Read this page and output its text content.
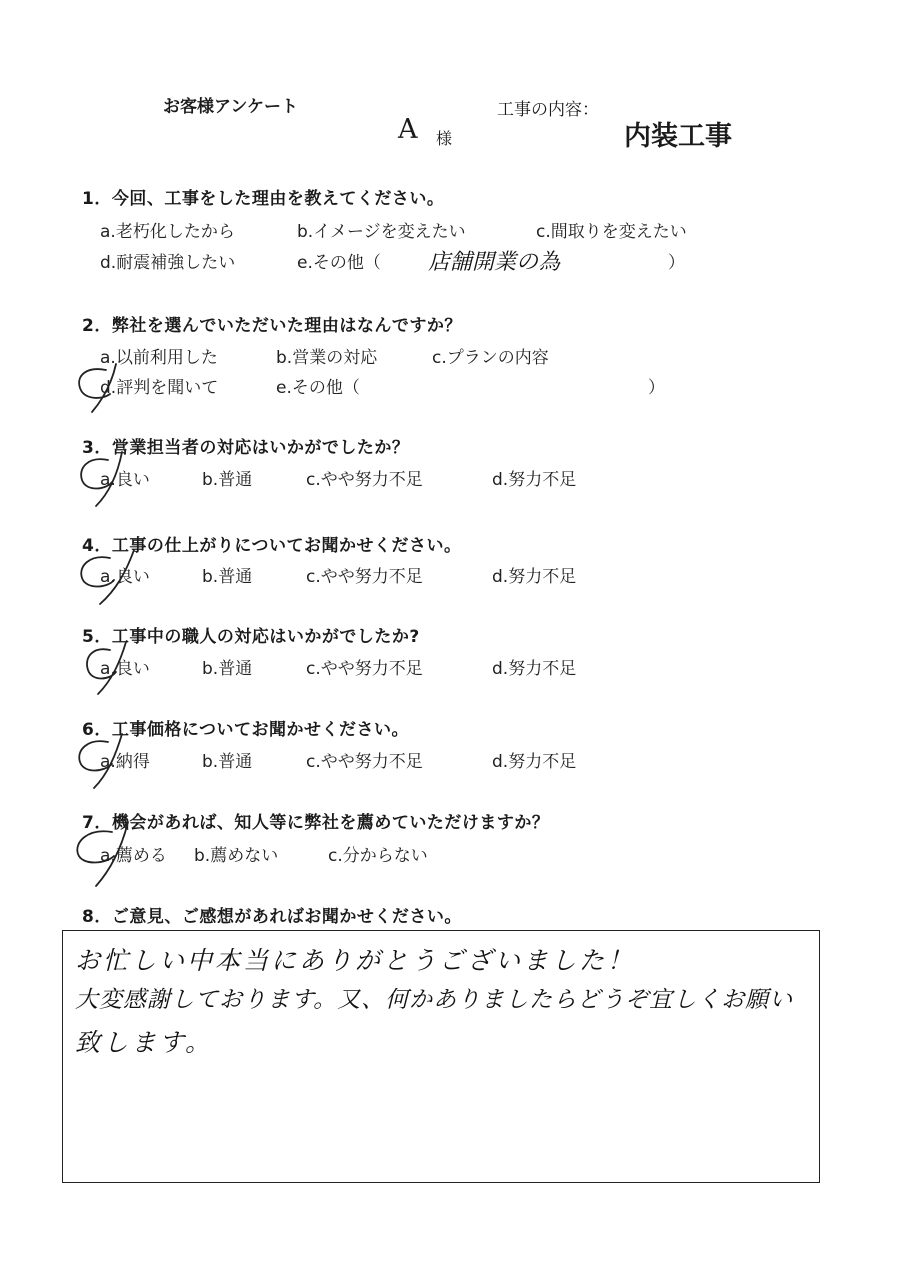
お客様アンケート	工事の内容：
A 様	内装工事
1．今回、工事をした理由を教えてください。
a.老朽化したから	b.イメージを変えたい	c.間取りを変えたい
d.耐震補強したい	e.その他（ 店舗開業の為	）
2．弊社を選んでいただいた理由はなんですか？
a.以前利用した	b.営業の対応	c.プランの内容
d.評判を聞いて	e.その他（	）
3．営業担当者の対応はいかがでしたか？
a.良い	b.普通	c.やや努力不足	d.努力不足
4．工事の仕上がりについてお聞かせください。
a.良い	b.普通	c.やや努力不足	d.努力不足
5．工事中の職人の対応はいかがでしたか?
a.良い	b.普通	c.やや努力不足	d.努力不足
6．工事価格についてお聞かせください。
a.納得	b.普通	c.やや努力不足	d.努力不足
7．機会があれば、知人等に弊社を薦めていただけますか？
a.薦める b.薦めない	c.分からない
8．ご意見、ご感想があればお聞かせください。
お忙しい中本当にありがとうございました！
大変感謝しております。又、何かありましたらどうぞ宜しくお願い
致します。
